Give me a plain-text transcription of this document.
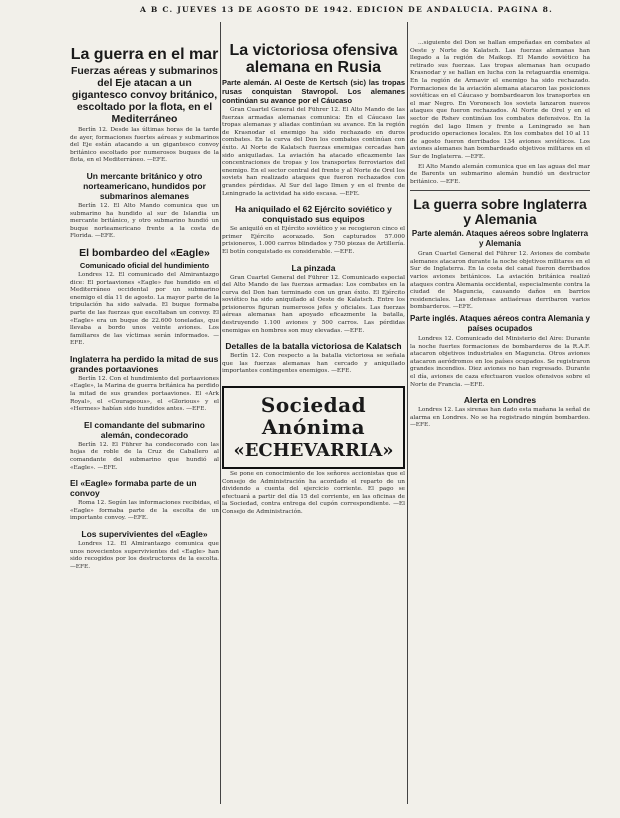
A B C. JUEVES 13 DE AGOSTO DE 1942. EDICION DE ANDALUCIA. PAGINA 8.
La guerra en el mar
Fuerzas aéreas y submarinos del Eje atacan a un gigantesco convoy británico, escoltado por la flota, en el Mediterráneo

Berlín 12. Desde las últimas horas de la tarde de ayer, formaciones fuertes aéreas y submarinos del Eje están atacando a un gigantesco convoy británico escoltado por numerosos buques de la flota, en el Mediterráneo. —EFE.

Un mercante británico y otro norteamericano, hundidos por submarinos alemanes

Berlín 12. El Alto Mando comunica que un submarino ha hundido al sur de Islandia un mercante británico, y otro submarino hundió un buque norteamericano frente a la costa de Florida. —EFE.

El bombardeo del «Eagle»
Comunicado oficial del hundimiento

Londres 12. El comunicado del Almirantazgo dice: El portaaviones «Eagle» fue hundido en el Mediterráneo occidental por un submarino enemigo el día 11 de agosto. La mayor parte de la tripulación ha sido salvada. El buque formaba parte de las fuerzas que escoltaban un convoy. El «Eagle» era un buque de 22.600 toneladas, que llevaba a bordo unos veinte aviones. Los familiares de las víctimas serán informados. —EFE.

Inglaterra ha perdido la mitad de sus grandes portaaviones

Berlín 12. Con el hundimiento del portaaviones «Eagle», la Marina de guerra británica ha perdido la mitad de sus grandes portaaviones. El «Ark Royal», el «Courageous», el «Glorious» y el «Hermes» habían sido hundidos antes. —EFE.

El comandante del submarino alemán, condecorado

Berlín 12. El Führer ha condecorado con las hojas de roble de la Cruz de Caballero al comandante del submarino que hundió al «Eagle». —EFE.

El «Eagle» formaba parte de un convoy

Roma 12. Según las informaciones recibidas, el «Eagle» formaba parte de la escolta de un importante convoy. —EFE.

Los supervivientes del «Eagle»

Londres 12. El Almirantazgo comunica que unos novecientos supervivientes del «Eagle» han sido recogidos por los destructores de la escolta. —EFE.

La victoriosa ofensiva alemana en Rusia
Parte alemán. Al Oeste de Kertsch (sic) las tropas rusas conquistan Stavropol. Los alemanes continúan su avance por el Cáucaso

Gran Cuartel General del Führer 12. El Alto Mando de las fuerzas armadas alemanas comunica: En el Cáucaso las tropas alemanas y aliadas continúan su avance. En la región de Krasnodar el enemigo ha sido rechazado en duros combates. En la curva del Don los combates continúan con éxito. Al Norte de Kalatsch fuerzas enemigas cercadas han sido aniquiladas. La aviación ha atacado eficazmente las concentraciones de tropas y los transportes ferroviarios del enemigo. En el sector central del frente y al Norte de Orel los soviets han realizado ataques que fueron rechazados con grandes pérdidas. Al Sur del lago Ilmen y en el frente de Leningrado la actividad ha sido escasa. —EFE.

Ha aniquilado el 62 Ejército soviético y conquistado sus equipos

Se aniquiló en el Ejército soviético y se recogieron cinco el primer Ejército acorazado. Son capturados 57.000 prisioneros, 1.000 carros blindados y 750 piezas de Artillería. El botín conquistado es considerable. —EFE.

La pinzada

Gran Cuartel General del Führer 12. Comunicado especial del Alto Mando de las fuerzas armadas: Los combates en la curva del Don han terminado con un gran éxito. El Ejército soviético ha sido aniquilado al Oeste de Kalatsch. Entre los prisioneros figuran numerosos jefes y oficiales. Las fuerzas aéreas alemanas han apoyado eficazmente la batalla, destruyendo 1.100 aviones y 500 carros. Las pérdidas enemigas en hombres son muy elevadas. —EFE.

Detalles de la batalla victoriosa de Kalatsch

Berlín 12. Con respecto a la batalla victoriosa se señala que las fuerzas alemanas han cercado y aniquilado importantes contingentes enemigos. —EFE.

Sociedad Anónima
«ECHEVARRIA»

Se pone en conocimiento de los señores accionistas que el Consejo de Administración ha acordado el reparto de un dividendo a cuenta del ejercicio corriente. El pago se efectuará a partir del día 15 del corriente, en las oficinas de la Sociedad, contra entrega del cupón correspondiente. —El Consejo de Administración.

...siguiente del Don se hallan empeñadas en combates al Oeste y Norte de Kalatsch. Las fuerzas alemanas han llegado a la región de Maikop. El Mando soviético ha retirado sus fuerzas. Las tropas alemanas han ocupado Krasnodar y se hallan en lucha con la retaguardia enemiga. En la región de Armavir el enemigo ha sido rechazado. Formaciones de la aviación alemana atacaron las posiciones soviéticas en el Cáucaso y bombardearon los transportes en el mar Negro. En Voronesch los soviets lanzaron nuevos ataques que fueron rechazados. Al Norte de Orel y en el sector de Rshev continúan los combates defensivos. En la región del lago Ilmen y frente a Leningrado se han producido operaciones locales. En los combates del 10 al 11 de agosto fueron derribados 134 aviones soviéticos. Los aviones alemanes han bombardeado objetivos militares en el Sur de Inglaterra. —EFE.

El Alto Mando alemán comunica que en las aguas del mar de Barents un submarino alemán hundió un destructor británico. —EFE.

La guerra sobre Inglaterra y Alemania
Parte alemán. Ataques aéreos sobre Inglaterra y Alemania

Gran Cuartel General del Führer 12. Aviones de combate alemanes atacaron durante la noche objetivos militares en el Sur de Inglaterra. En la costa del canal fueron derribados varios aviones británicos. La aviación británica realizó ataques contra Alemania occidental, especialmente contra la ciudad de Maguncia, causando daños en barrios residenciales. Las defensas antiaéreas derribaron varios bombarderos. —EFE.

Parte inglés. Ataques aéreos contra Alemania y países ocupados

Londres 12. Comunicado del Ministerio del Aire: Durante la noche fuertes formaciones de bombarderos de la R.A.F. atacaron objetivos industriales en Maguncia. Otros aviones atacaron aeródromos en los países ocupados. Se registraron grandes incendios. Diez aviones no han regresado. Durante el día, aviones de caza efectuaron vuelos ofensivos sobre el Norte de Francia. —EFE.

Alerta en Londres

Londres 12. Las sirenas han dado esta mañana la señal de alarma en Londres. No se ha registrado ningún bombardeo. —EFE.
